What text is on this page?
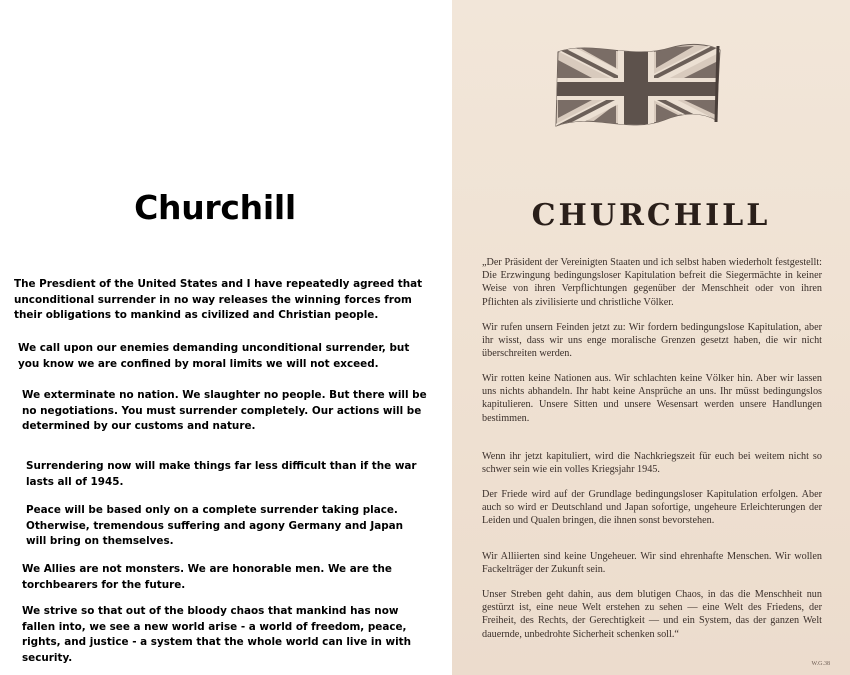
Churchill

The Presdient of the United States and I have repeatedly agreed that unconditional surrender in no way releases the winning forces from their obligations to mankind as civilized and Christian people.

We call upon our enemies demanding unconditional surrender, but you know we are confined by moral limits we will not exceed.

We exterminate no nation. We slaughter no people. But there will be no negotiations. You must surrender completely. Our actions will be determined by our customs and nature.

Surrendering now will make things far less difficult than if the war lasts all of 1945.

Peace will be based only on a complete surrender taking place. Otherwise, tremendous suffering and agony Germany and Japan will bring on themselves.

We Allies are not monsters. We are honorable men. We are the torchbearers for the future.

We strive so that out of the bloody chaos that mankind has now fallen into, we see a new world arise - a world of freedom, peace, rights, and justice - a system that the whole world can live in with security.

CHURCHILL

„Der Präsident der Vereinigten Staaten und ich selbst haben wiederholt festgestellt: Die Erzwingung bedingungsloser Kapitulation befreit die Siegermächte in keiner Weise von ihren Verpflichtungen gegenüber der Menschheit oder von ihren Pflichten als zivilisierte und christliche Völker.

Wir rufen unsern Feinden jetzt zu: Wir fordern bedingungslose Kapitulation, aber ihr wisst, dass wir uns enge moralische Grenzen gesetzt haben, die wir nicht überschreiten werden.

Wir rotten keine Nationen aus. Wir schlachten keine Völker hin. Aber wir lassen uns nichts abhandeln. Ihr habt keine Ansprüche an uns. Ihr müsst bedingungslos kapitulieren. Unsere Sitten und unsere Wesensart werden unsere Handlungen bestimmen.

Wenn ihr jetzt kapituliert, wird die Nachkriegszeit für euch bei weitem nicht so schwer sein wie ein volles Kriegsjahr 1945.

Der Friede wird auf der Grundlage bedingungsloser Kapitulation erfolgen. Aber auch so wird er Deutschland und Japan sofortige, ungeheure Erleichterungen der Leiden und Qualen bringen, die ihnen sonst bevorstehen.

Wir Alliierten sind keine Ungeheuer. Wir sind ehrenhafte Menschen. Wir wollen Fackelträger der Zukunft sein.

Unser Streben geht dahin, aus dem blutigen Chaos, in das die Menschheit nun gestürzt ist, eine neue Welt erstehen zu sehen — eine Welt des Friedens, der Freiheit, des Rechts, der Gerechtigkeit — und ein System, das der ganzen Welt dauernde, unbedrohte Sicherheit schenken soll.“

W.G.38
